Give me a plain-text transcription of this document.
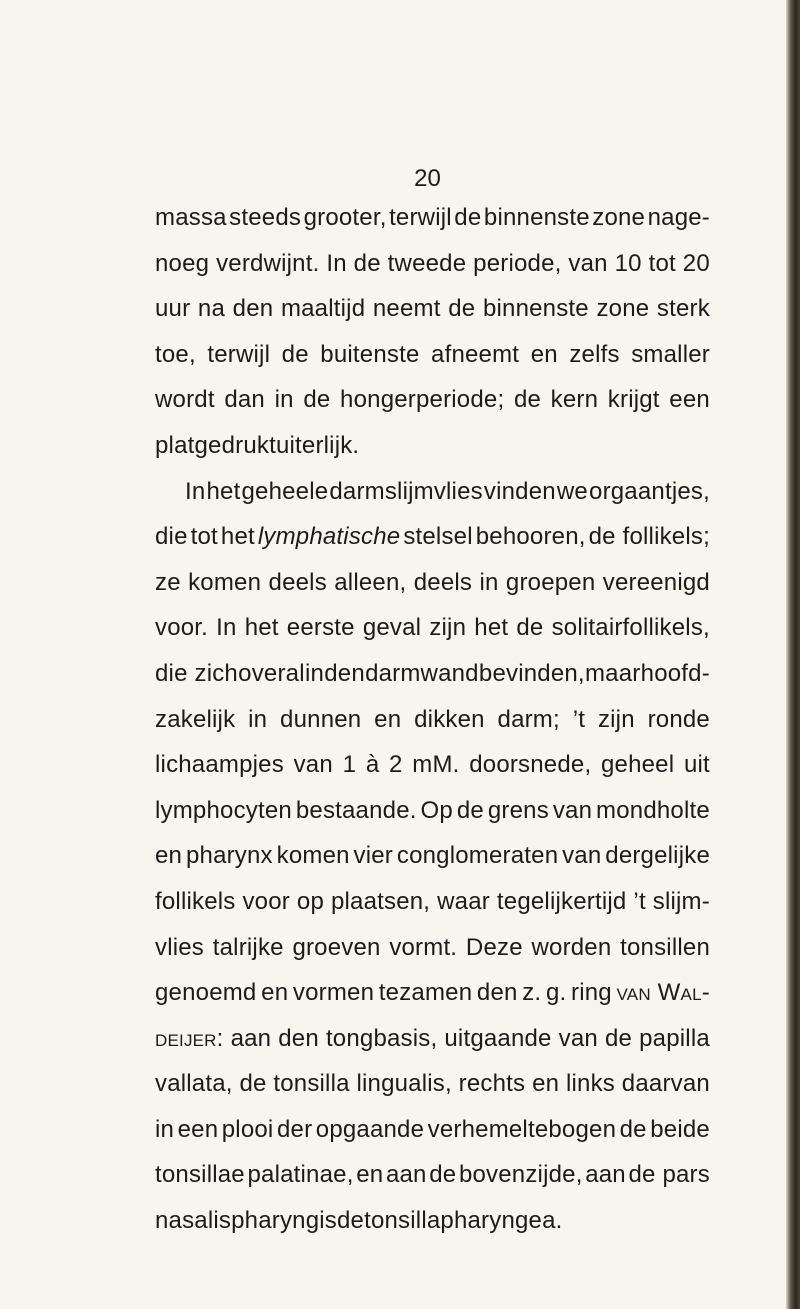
20
massa steeds grooter, terwijl de binnenste zone nage-
noeg verdwijnt. In de tweede periode, van 10 tot 20
uur na den maaltijd neemt de binnenste zone sterk
toe, terwijl de buitenste afneemt en zelfs smaller
wordt dan in de hongerperiode; de kern krijgt een
platgedrukt uiterlijk.
In het geheele darmslijmvlies vinden we orgaantjes,
die tot het lymphatische stelsel behooren, de follikels;
ze komen deels alleen, deels in groepen vereenigd
voor. In het eerste geval zijn het de solitairfollikels,
die zich overal in den darmwand bevinden, maar hoofd-
zakelijk in dunnen en dikken darm; ’t zijn ronde
lichaampjes van 1 à 2 mM. doorsnede, geheel uit
lymphocyten bestaande. Op de grens van mondholte
en pharynx komen vier conglomeraten van dergelijke
follikels voor op plaatsen, waar tegelijkertijd ’t slijm-
vlies talrijke groeven vormt. Deze worden tonsillen
genoemd en vormen tezamen den z. g. ring van Wal-
deijer: aan den tongbasis, uitgaande van de papilla
vallata, de tonsilla lingualis, rechts en links daarvan
in een plooi der opgaande verhemeltebogen de beide
tonsillae palatinae, en aan de bovenzijde, aan de pars
nasalis pharyngis de tonsilla pharyngea.
